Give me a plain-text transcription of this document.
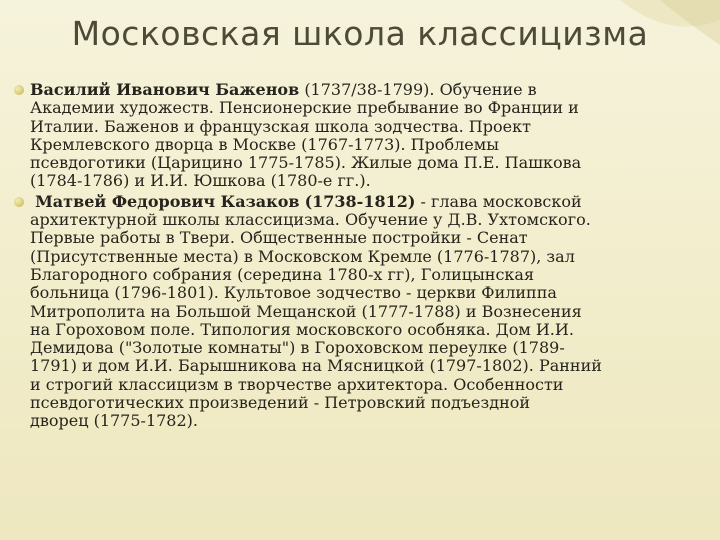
Московская школа классицизма
Василий Иванович Баженов (1737/38-1799). Обучение в
Академии художеств. Пенсионерские пребывание во Франции и
Италии. Баженов и французская школа зодчества. Проект
Кремлевского дворца в Москве (1767-1773). Проблемы
псевдоготики (Царицино 1775-1785). Жилые дома П.Е. Пашкова
(1784-1786) и И.И. Юшкова (1780-е гг.).
Матвей Федорович Казаков (1738-1812) - глава московской
архитектурной школы классицизма. Обучение у Д.В. Ухтомского.
Первые работы в Твери. Общественные постройки - Сенат
(Присутственные места) в Московском Кремле (1776-1787), зал
Благородного собрания (середина 1780-х гг), Голицынская
больница (1796-1801). Культовое зодчество - церкви Филиппа
Митрополита на Большой Мещанской (1777-1788) и Вознесения
на Гороховом поле. Типология московского особняка. Дом И.И.
Демидова ("Золотые комнаты") в Гороховском переулке (1789-
1791) и дом И.И. Барышникова на Мясницкой (1797-1802). Ранний
и строгий классицизм в творчестве архитектора. Особенности
псевдоготических произведений - Петровский подъездной
дворец (1775-1782).
